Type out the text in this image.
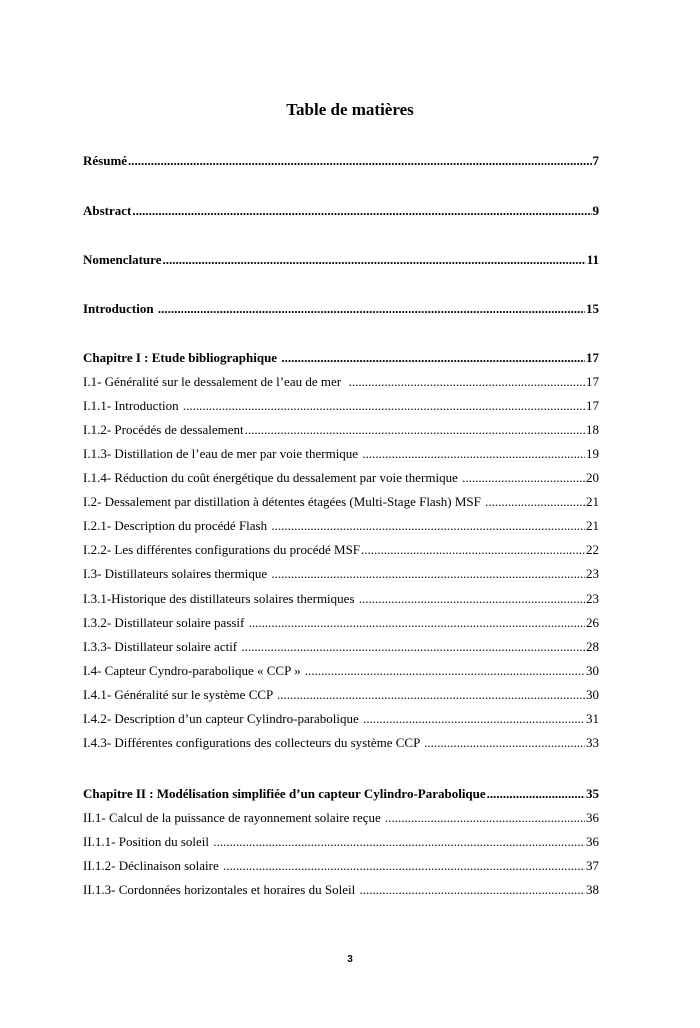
Table de matières
Résumé .....	7
Abstract .....	9
Nomenclature .....	11
Introduction .....	15
Chapitre I : Etude bibliographique .....	17
I.1- Généralité sur le dessalement de l’eau de mer .....	17
I.1.1- Introduction .....	17
I.1.2- Procédés de dessalement .....	18
I.1.3- Distillation de l’eau de mer par voie thermique .....	19
I.1.4- Réduction du coût énergétique du dessalement par voie thermique .....	20
I.2- Dessalement par distillation à détentes étagées (Multi-Stage Flash) MSF .....	21
I.2.1- Description du procédé Flash .....	21
I.2.2- Les différentes configurations du procédé MSF .....	22
I.3- Distillateurs solaires thermique .....	23
I.3.1-Historique des distillateurs solaires thermiques .....	23
I.3.2- Distillateur solaire passif .....	26
I.3.3- Distillateur solaire actif .....	28
I.4- Capteur Cyndro-parabolique « CCP » .....	30
I.4.1- Généralité sur le système CCP .....	30
I.4.2- Description d’un capteur Cylindro-parabolique .....	31
I.4.3- Différentes configurations des collecteurs du système CCP .....	33
Chapitre II : Modélisation simplifiée d’un capteur Cylindro-Parabolique .....	35
II.1- Calcul de la puissance de rayonnement solaire reçue .....	36
II.1.1- Position du soleil .....	36
II.1.2- Déclinaison solaire .....	37
II.1.3- Cordonnées horizontales et horaires du Soleil .....	38
3
